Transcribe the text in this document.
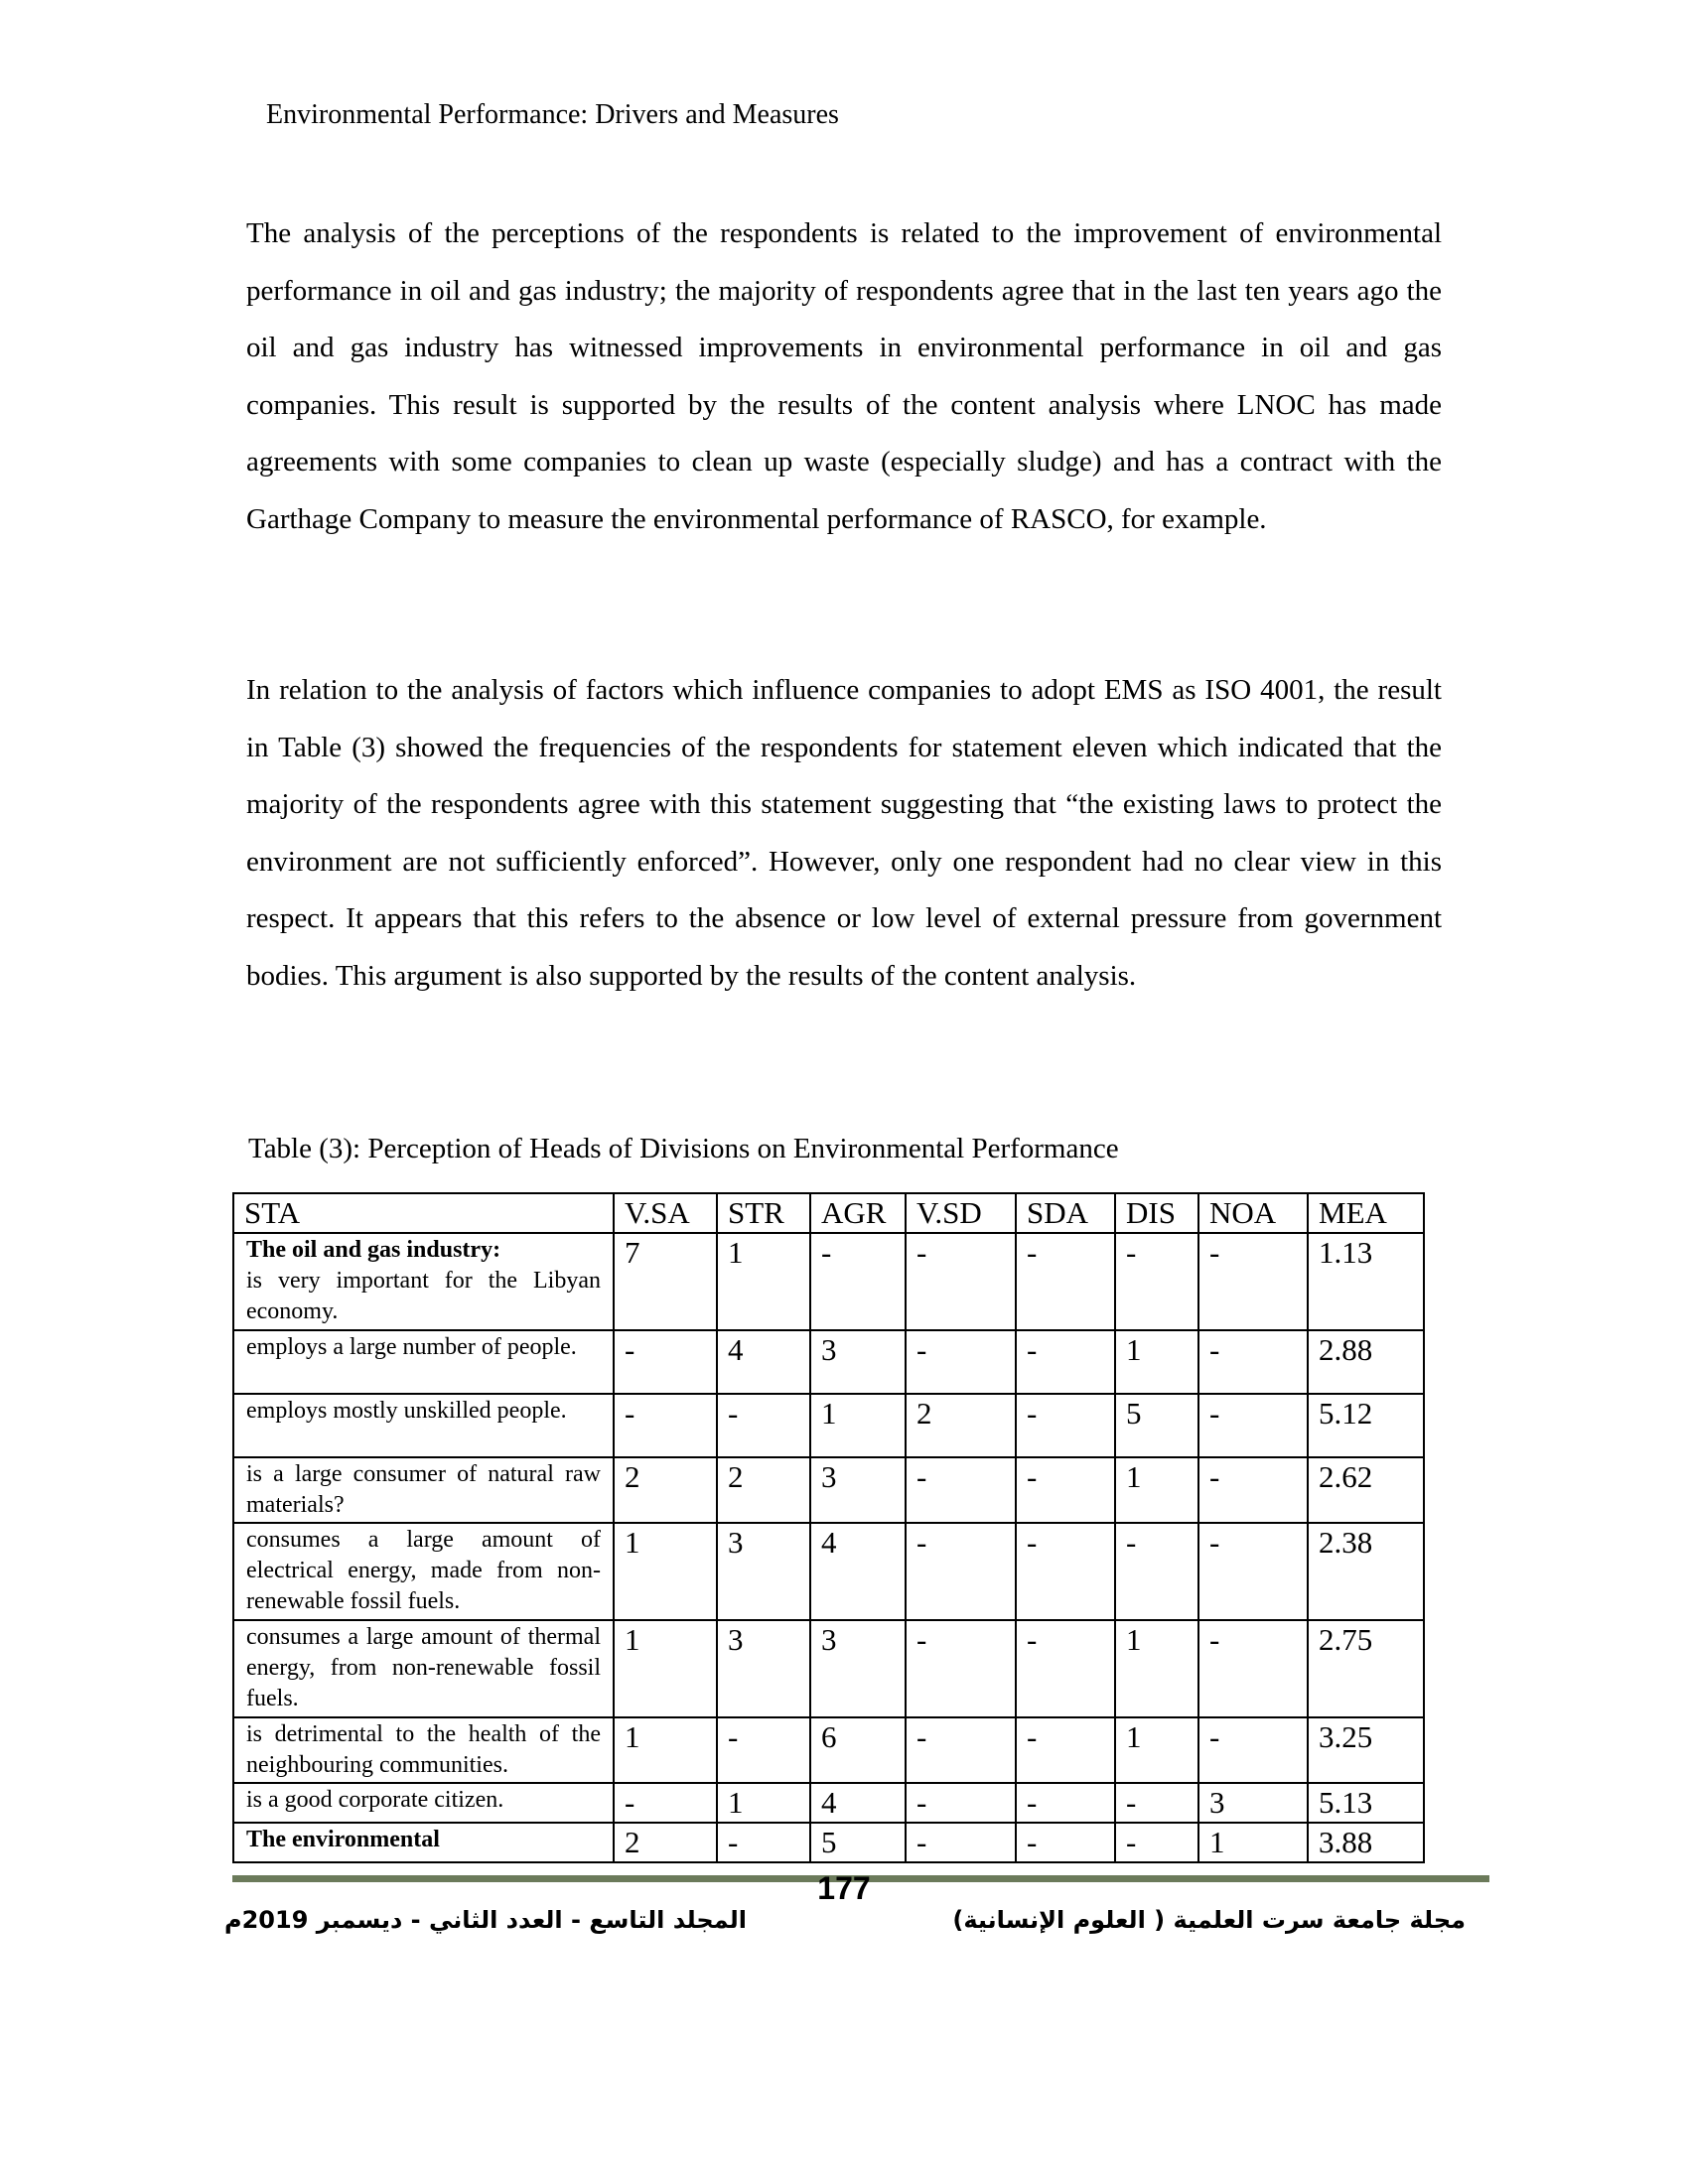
Environmental Performance: Drivers and Measures

The analysis of the perceptions of the respondents is related to the improvement of environmental performance in oil and gas industry; the majority of respondents agree that in the last ten years ago the oil and gas industry has witnessed improvements in environmental performance in oil and gas companies. This result is supported by the results of the content analysis where LNOC has made agreements with some companies to clean up waste (especially sludge) and has a contract with the Garthage Company to measure the environmental performance of RASCO, for example.

In relation to the analysis of factors which influence companies to adopt EMS as ISO 4001, the result in Table (3) showed the frequencies of the respondents for statement eleven which indicated that the majority of the respondents agree with this statement suggesting that “the existing laws to protect the environment are not sufficiently enforced”. However, only one respondent had no clear view in this respect. It appears that this refers to the absence or low level of external pressure from government bodies. This argument is also supported by the results of the content analysis.

Table (3): Perception of Heads of Divisions on Environmental Performance
STA	V.SA	STR	AGR	V.SD	SDA	DIS	NOA	MEA

The oil and gas industry:
is very important for the Libyan economy.	7	1	-	-	-	-	-	1.13
employs a large number of people.	-	4	3	-	-	1	-	2.88
employs mostly unskilled people.	-	-	1	2	-	5	-	5.12
is a large consumer of natural raw materials?	2	2	3	-	-	1	-	2.62
consumes a large amount of electrical energy, made from non-renewable fossil fuels.	1	3	4	-	-	-	-	2.38
consumes a large amount of thermal energy, from non-renewable fossil fuels.	1	3	3	-	-	1	-	2.75
is detrimental to the health of the neighbouring communities.	1	-	6	-	-	1	-	3.25
is a good corporate citizen.	-	1	4	-	-	-	3	5.13

The environmental	2	-	5	-	-	-	1	3.88
177
المجلد التاسع - العدد الثاني - ديسمبر 2019م	مجلة جامعة سرت العلمية ( العلوم الإنسانية)
